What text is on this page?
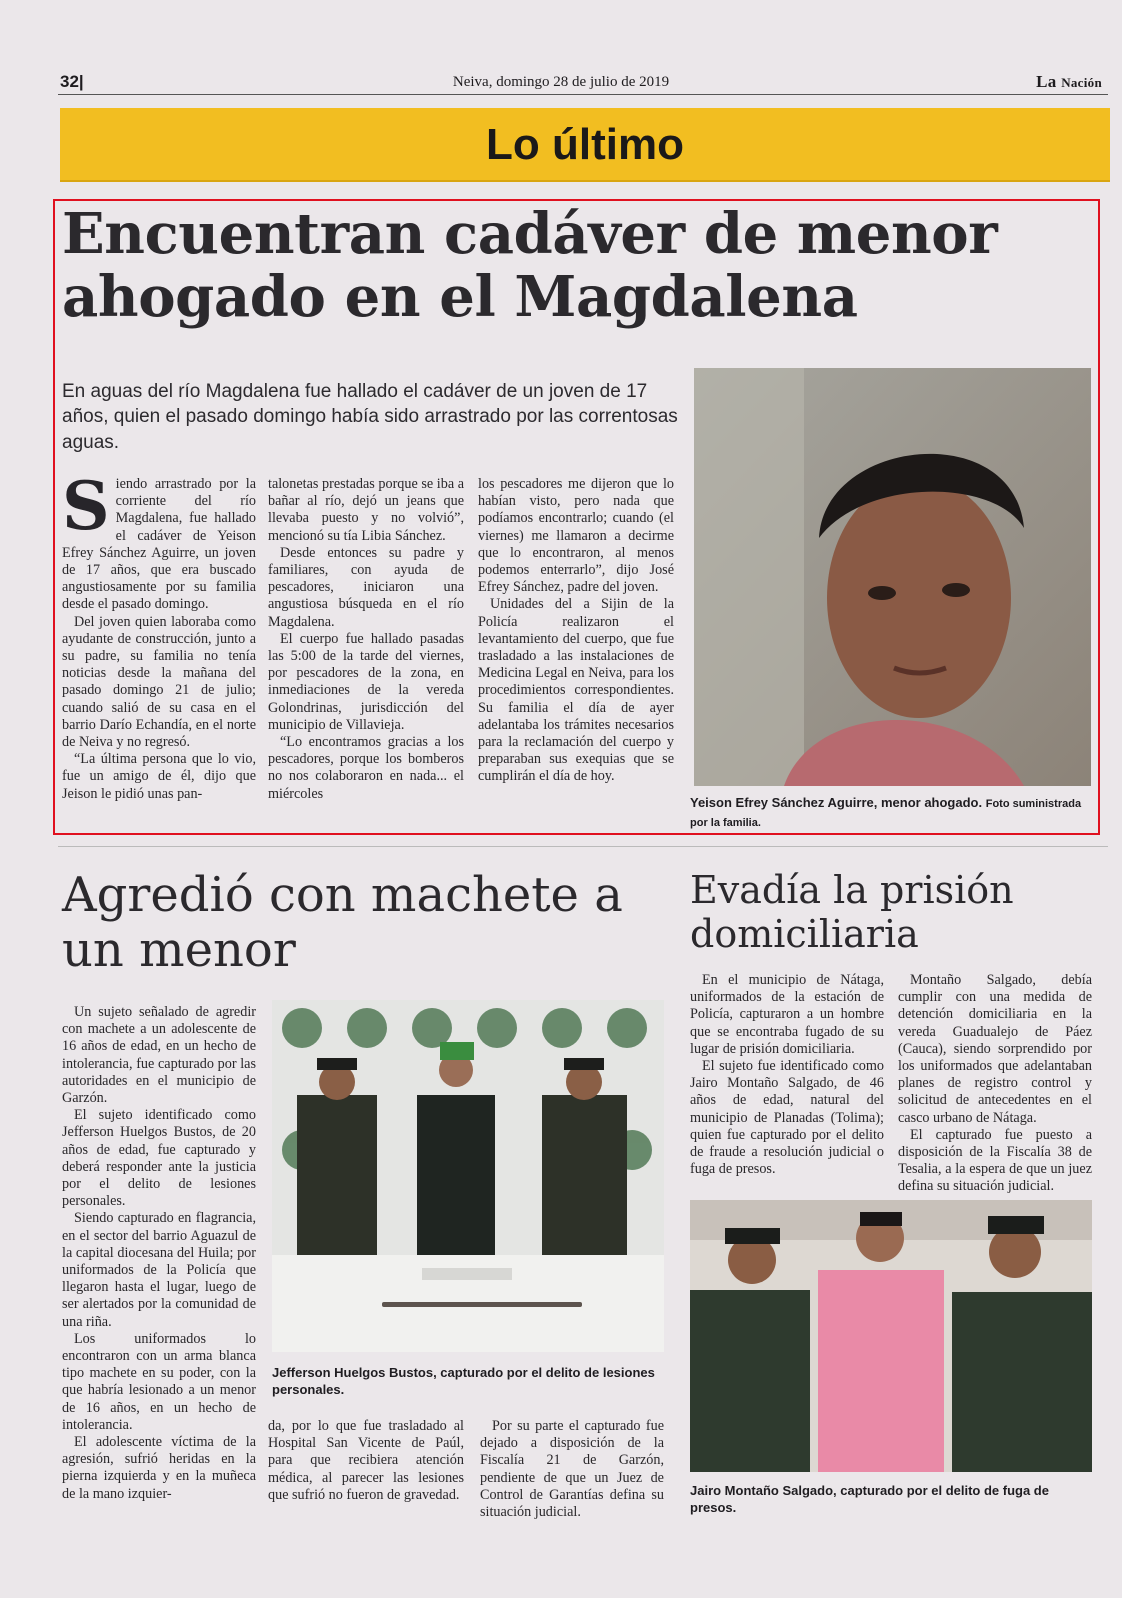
32|	Neiva, domingo 28 de julio de 2019	La Nación
Lo último
Encuentran cadáver de menor ahogado en el Magdalena
En aguas del río Magdalena fue hallado el cadáver de un joven de 17 años, quien el pasado domingo había sido arrastrado por las correntosas aguas.
S iendo arrastrado por la corriente del río Magdalena, fue hallado el cadáver de Yeison Efrey Sánchez Aguirre, un joven de 17 años, que era buscado angustiosamente por su familia desde el pasado domingo.

Del joven quien laboraba como ayudante de construcción, junto a su padre, su familia no tenía noticias desde la mañana del pasado domingo 21 de julio; cuando salió de su casa en el barrio Darío Echandía, en el norte de Neiva y no regresó.

“La última persona que lo vio, fue un amigo de él, dijo que Jeison le pidió unas pan-

talonetas prestadas porque se iba a bañar al río, dejó un jeans que llevaba puesto y no volvió”, mencionó su tía Libia Sánchez.

Desde entonces su padre y familiares, con ayuda de pescadores, iniciaron una angustiosa búsqueda en el río Magdalena.

El cuerpo fue hallado pasadas las 5:00 de la tarde del viernes, por pescadores de la zona, en inmediaciones de la vereda Golondrinas, jurisdicción del municipio de Villavieja.

“Lo encontramos gracias a los pescadores, porque los bomberos no nos colaboraron en nada... el miércoles

los pescadores me dijeron que lo habían visto, pero nada que podíamos encontrarlo; cuando (el viernes) me llamaron a decirme que lo encontraron, al menos podemos enterrarlo”, dijo José Efrey Sánchez, padre del joven.

Unidades del a Sijin de la Policía realizaron el levantamiento del cuerpo, que fue trasladado a las instalaciones de Medicina Legal en Neiva, para los procedimientos correspondientes. Su familia el día de ayer adelantaba los trámites necesarios para la reclamación del cuerpo y preparaban sus exequias que se cumplirán el día de hoy.

Yeison Efrey Sánchez Aguirre, menor ahogado. Foto suministrada por la familia.
Agredió con machete a un menor

Un sujeto señalado de agredir con machete a un adolescente de 16 años de edad, en un hecho de intolerancia, fue capturado por las autoridades en el municipio de Garzón.

El sujeto identificado como Jefferson Huelgos Bustos, de 20 años de edad, fue capturado y deberá responder ante la justicia por el delito de lesiones personales.

Siendo capturado en flagrancia, en el sector del barrio Aguazul de la capital diocesana del Huila; por uniformados de la Policía que llegaron hasta el lugar, luego de ser alertados por la comunidad de una riña.

Los uniformados lo encontraron con un arma blanca tipo machete en su poder, con la que habría lesionado a un menor de 16 años, en un hecho de intolerancia.

El adolescente víctima de la agresión, sufrió heridas en la pierna izquierda y en la muñeca de la mano izquier-

Jefferson Huelgos Bustos, capturado por el delito de lesiones personales.

da, por lo que fue trasladado al Hospital San Vicente de Paúl, para que recibiera atención médica, al parecer las lesiones que sufrió no fueron de gravedad.

Por su parte el capturado fue dejado a disposición de la Fiscalía 21 de Garzón, pendiente de que un Juez de Control de Garantías defina su situación judicial.

Evadía la prisión domiciliaria

En el municipio de Nátaga, uniformados de la estación de Policía, capturaron a un hombre que se encontraba fugado de su lugar de prisión domiciliaria.

El sujeto fue identificado como Jairo Montaño Salgado, de 46 años de edad, natural del municipio de Planadas (Tolima); quien fue capturado por el delito de fraude a resolución judicial o fuga de presos.

Montaño Salgado, debía cumplir con una medida de detención domiciliaria en la vereda Guadualejo de Páez (Cauca), siendo sorprendido por los uniformados que adelantaban planes de registro control y solicitud de antecedentes en el casco urbano de Nátaga.

El capturado fue puesto a disposición de la Fiscalía 38 de Tesalia, a la espera de que un juez defina su situación judicial.

Jairo Montaño Salgado, capturado por el delito de fuga de presos.
